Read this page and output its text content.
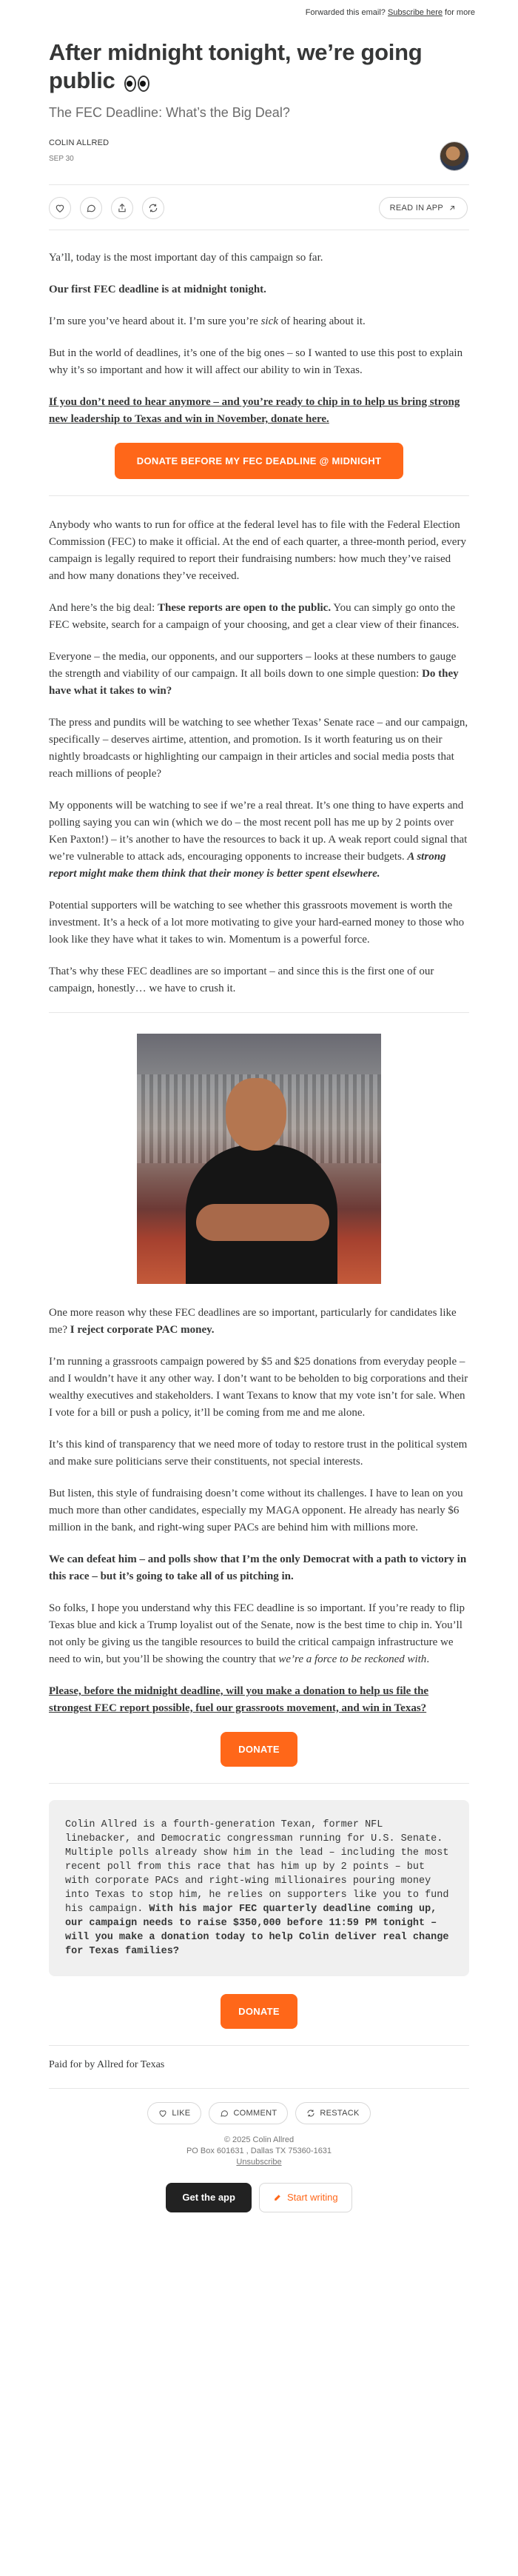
Forwarded this email? Subscribe here for more
After midnight tonight, we’re going public
The FEC Deadline: What’s the Big Deal?
COLIN ALLRED
SEP 30
READ IN APP

Ya’ll, today is the most important day of this campaign so far.

Our first FEC deadline is at midnight tonight.

I’m sure you’ve heard about it. I’m sure you’re sick of hearing about it.

But in the world of deadlines, it’s one of the big ones – so I wanted to use this post to explain why it’s so important and how it will affect our ability to win in Texas.

If you don’t need to hear anymore – and you’re ready to chip in to help us bring strong new leadership to Texas and win in November, donate here.

DONATE BEFORE MY FEC DEADLINE @ MIDNIGHT

Anybody who wants to run for office at the federal level has to file with the Federal Election Commission (FEC) to make it official. At the end of each quarter, a three-month period, every campaign is legally required to report their fundraising numbers: how much they’ve raised and how many donations they’ve received.

And here’s the big deal: These reports are open to the public. You can simply go onto the FEC website, search for a campaign of your choosing, and get a clear view of their finances.

Everyone – the media, our opponents, and our supporters – looks at these numbers to gauge the strength and viability of our campaign. It all boils down to one simple question: Do they have what it takes to win?

The press and pundits will be watching to see whether Texas’ Senate race – and our campaign, specifically – deserves airtime, attention, and promotion. Is it worth featuring us on their nightly broadcasts or highlighting our campaign in their articles and social media posts that reach millions of people?

My opponents will be watching to see if we’re a real threat. It’s one thing to have experts and polling saying you can win (which we do – the most recent poll has me up by 2 points over Ken Paxton!) – it’s another to have the resources to back it up. A weak report could signal that we’re vulnerable to attack ads, encouraging opponents to increase their budgets. A strong report might make them think that their money is better spent elsewhere.

Potential supporters will be watching to see whether this grassroots movement is worth the investment. It’s a heck of a lot more motivating to give your hard-earned money to those who look like they have what it takes to win. Momentum is a powerful force.

That’s why these FEC deadlines are so important – and since this is the first one of our campaign, honestly… we have to crush it.

One more reason why these FEC deadlines are so important, particularly for candidates like me? I reject corporate PAC money.

I’m running a grassroots campaign powered by $5 and $25 donations from everyday people – and I wouldn’t have it any other way. I don’t want to be beholden to big corporations and their wealthy executives and stakeholders. I want Texans to know that my vote isn’t for sale. When I vote for a bill or push a policy, it’ll be coming from me and me alone.

It’s this kind of transparency that we need more of today to restore trust in the political system and make sure politicians serve their constituents, not special interests.

But listen, this style of fundraising doesn’t come without its challenges. I have to lean on you much more than other candidates, especially my MAGA opponent. He already has nearly $6 million in the bank, and right-wing super PACs are behind him with millions more.

We can defeat him – and polls show that I’m the only Democrat with a path to victory in this race – but it’s going to take all of us pitching in.

So folks, I hope you understand why this FEC deadline is so important. If you’re ready to flip Texas blue and kick a Trump loyalist out of the Senate, now is the best time to chip in. You’ll not only be giving us the tangible resources to build the critical campaign infrastructure we need to win, but you’ll be showing the country that we’re a force to be reckoned with.

Please, before the midnight deadline, will you make a donation to help us file the strongest FEC report possible, fuel our grassroots movement, and win in Texas?

DONATE
Colin Allred is a fourth-generation Texan, former NFL linebacker, and Democratic congressman running for U.S. Senate. Multiple polls already show him in the lead – including the most recent poll from this race that has him up by 2 points – but with corporate PACs and right-wing millionaires pouring money into Texas to stop him, he relies on supporters like you to fund his campaign. With his major FEC quarterly deadline coming up, our campaign needs to raise $350,000 before 11:59 PM tonight – will you make a donation today to help Colin deliver real change for Texas families?
DONATE
Paid for by Allred for Texas
LIKE	COMMENT	RESTACK
© 2025 Colin Allred
PO Box 601631 , Dallas TX 75360-1631
Unsubscribe
Get the app	Start writing
